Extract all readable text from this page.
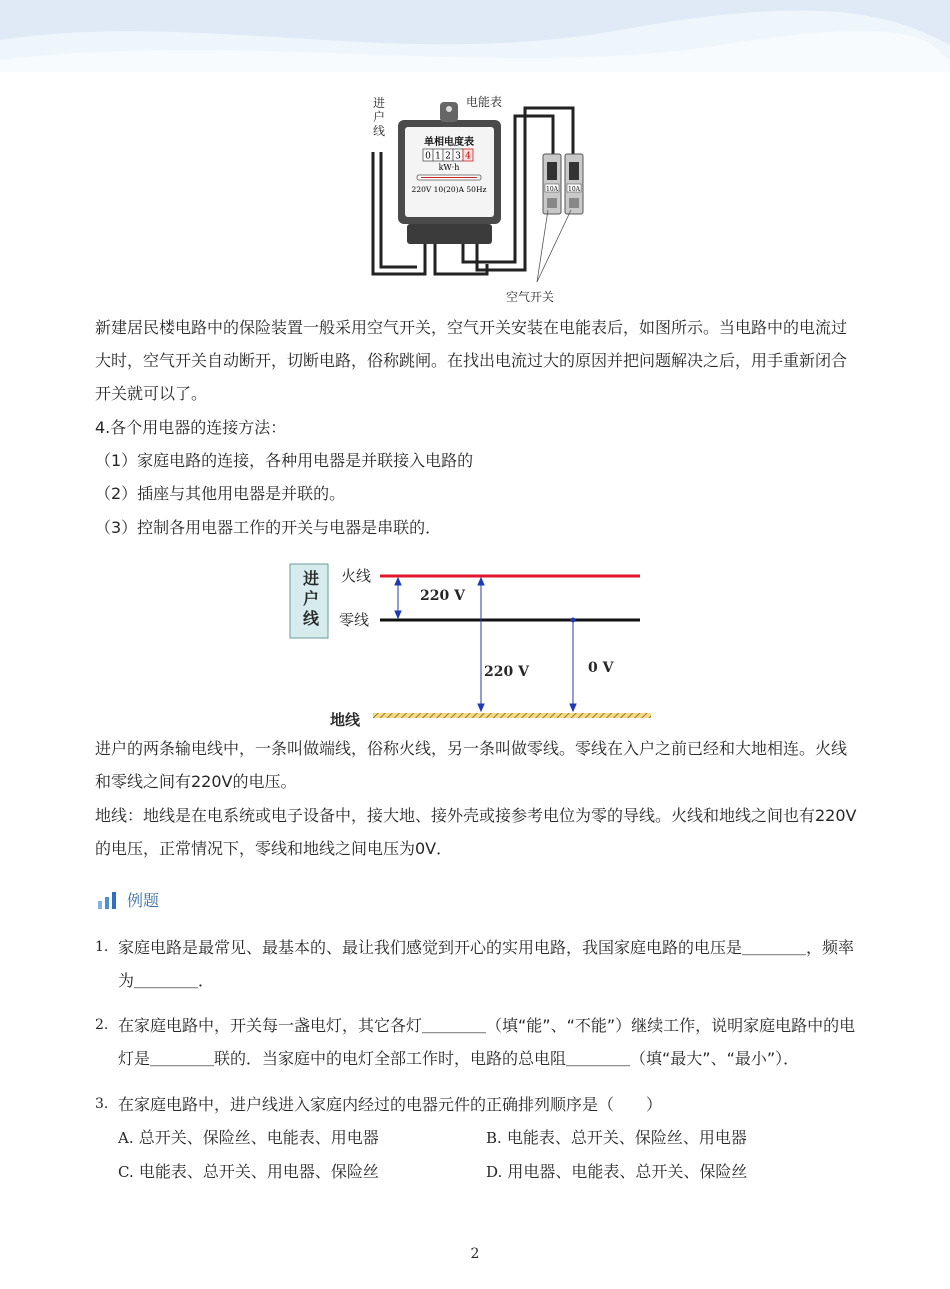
单相电度表
0 1 2 3 4
kW·h
220V 10(20)A 50Hz	10A 10A
进户线
电能表
空气开关

新建居民楼电路中的保险装置一般采用空气开关，空气开关安装在电能表后，如图所示。当电路中的电流过大时，空气开关自动断开，切断电路，俗称跳闸。在找出电流过大的原因并把问题解决之后，用手重新闭合开关就可以了。

4.各个用电器的连接方法：
（1）家庭电路的连接，各种用电器是并联接入电路的
（2）插座与其他用电器是并联的。
（3）控制各用电器工作的开关与电器是串联的．
进户线
火线
零线
地线
220 V
220 V	0 V

进户的两条输电线中，一条叫做端线，俗称火线，另一条叫做零线。零线在入户之前已经和大地相连。火线和零线之间有220V的电压。

地线：地线是在电系统或电子设备中，接大地、接外壳或接参考电位为零的导线。火线和地线之间也有220V的电压，正常情况下，零线和地线之间电压为0V．

例题
1. 家庭电路是最常见、最基本的、最让我们感觉到开心的实用电路，我国家庭电路的电压是＿＿＿＿，频率为＿＿＿＿．
2. 在家庭电路中，开关每一盏电灯，其它各灯＿＿＿＿（填“能”、“不能”）继续工作，说明家庭电路中的电灯是＿＿＿＿联的．当家庭中的电灯全部工作时，电路的总电阻＿＿＿＿（填“最大”、“最小”）．
3. 在家庭电路中，进户线进入家庭内经过的电器元件的正确排列顺序是（　　）
A. 总开关、保险丝、电能表、用电器	B. 电能表、总开关、保险丝、用电器
C. 电能表、总开关、用电器、保险丝	D. 用电器、电能表、总开关、保险丝
2
